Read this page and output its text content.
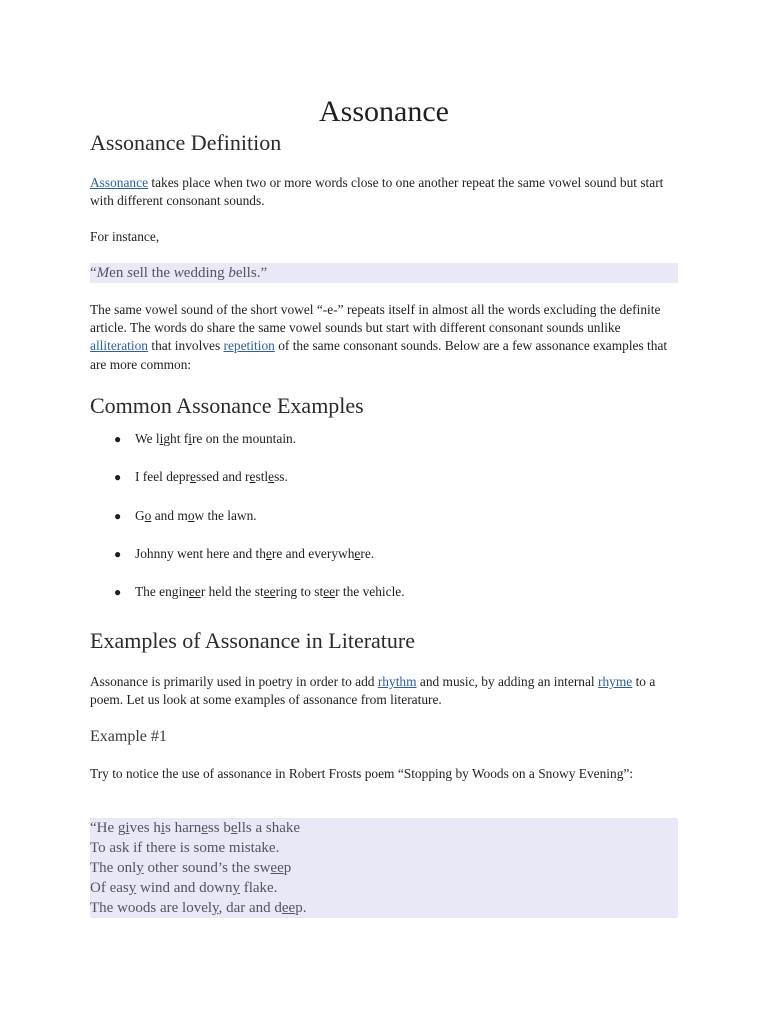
Assonance
Assonance Definition

Assonance takes place when two or more words close to one another repeat the same vowel sound but start with different consonant sounds.

For instance,

“Men sell the wedding bells.”

The same vowel sound of the short vowel “-e-” repeats itself in almost all the words excluding the definite article. The words do share the same vowel sounds but start with different consonant sounds unlike alliteration that involves repetition of the same consonant sounds. Below are a few assonance examples that are more common:

Common Assonance Examples
● We light fire on the mountain.
● I feel depressed and restless.
● Go and mow the lawn.
● Johnny went here and there and everywhere.
● The engineer held the steering to steer the vehicle.
Examples of Assonance in Literature

Assonance is primarily used in poetry in order to add rhythm and music, by adding an internal rhyme to a poem. Let us look at some examples of assonance from literature.

Example #1

Try to notice the use of assonance in Robert Frosts poem “Stopping by Woods on a Snowy Evening”:

“He gives his harness bells a shake
To ask if there is some mistake.
The only other sound’s the sweep
Of easy wind and downy flake.
The woods are lovely, dar and deep.
